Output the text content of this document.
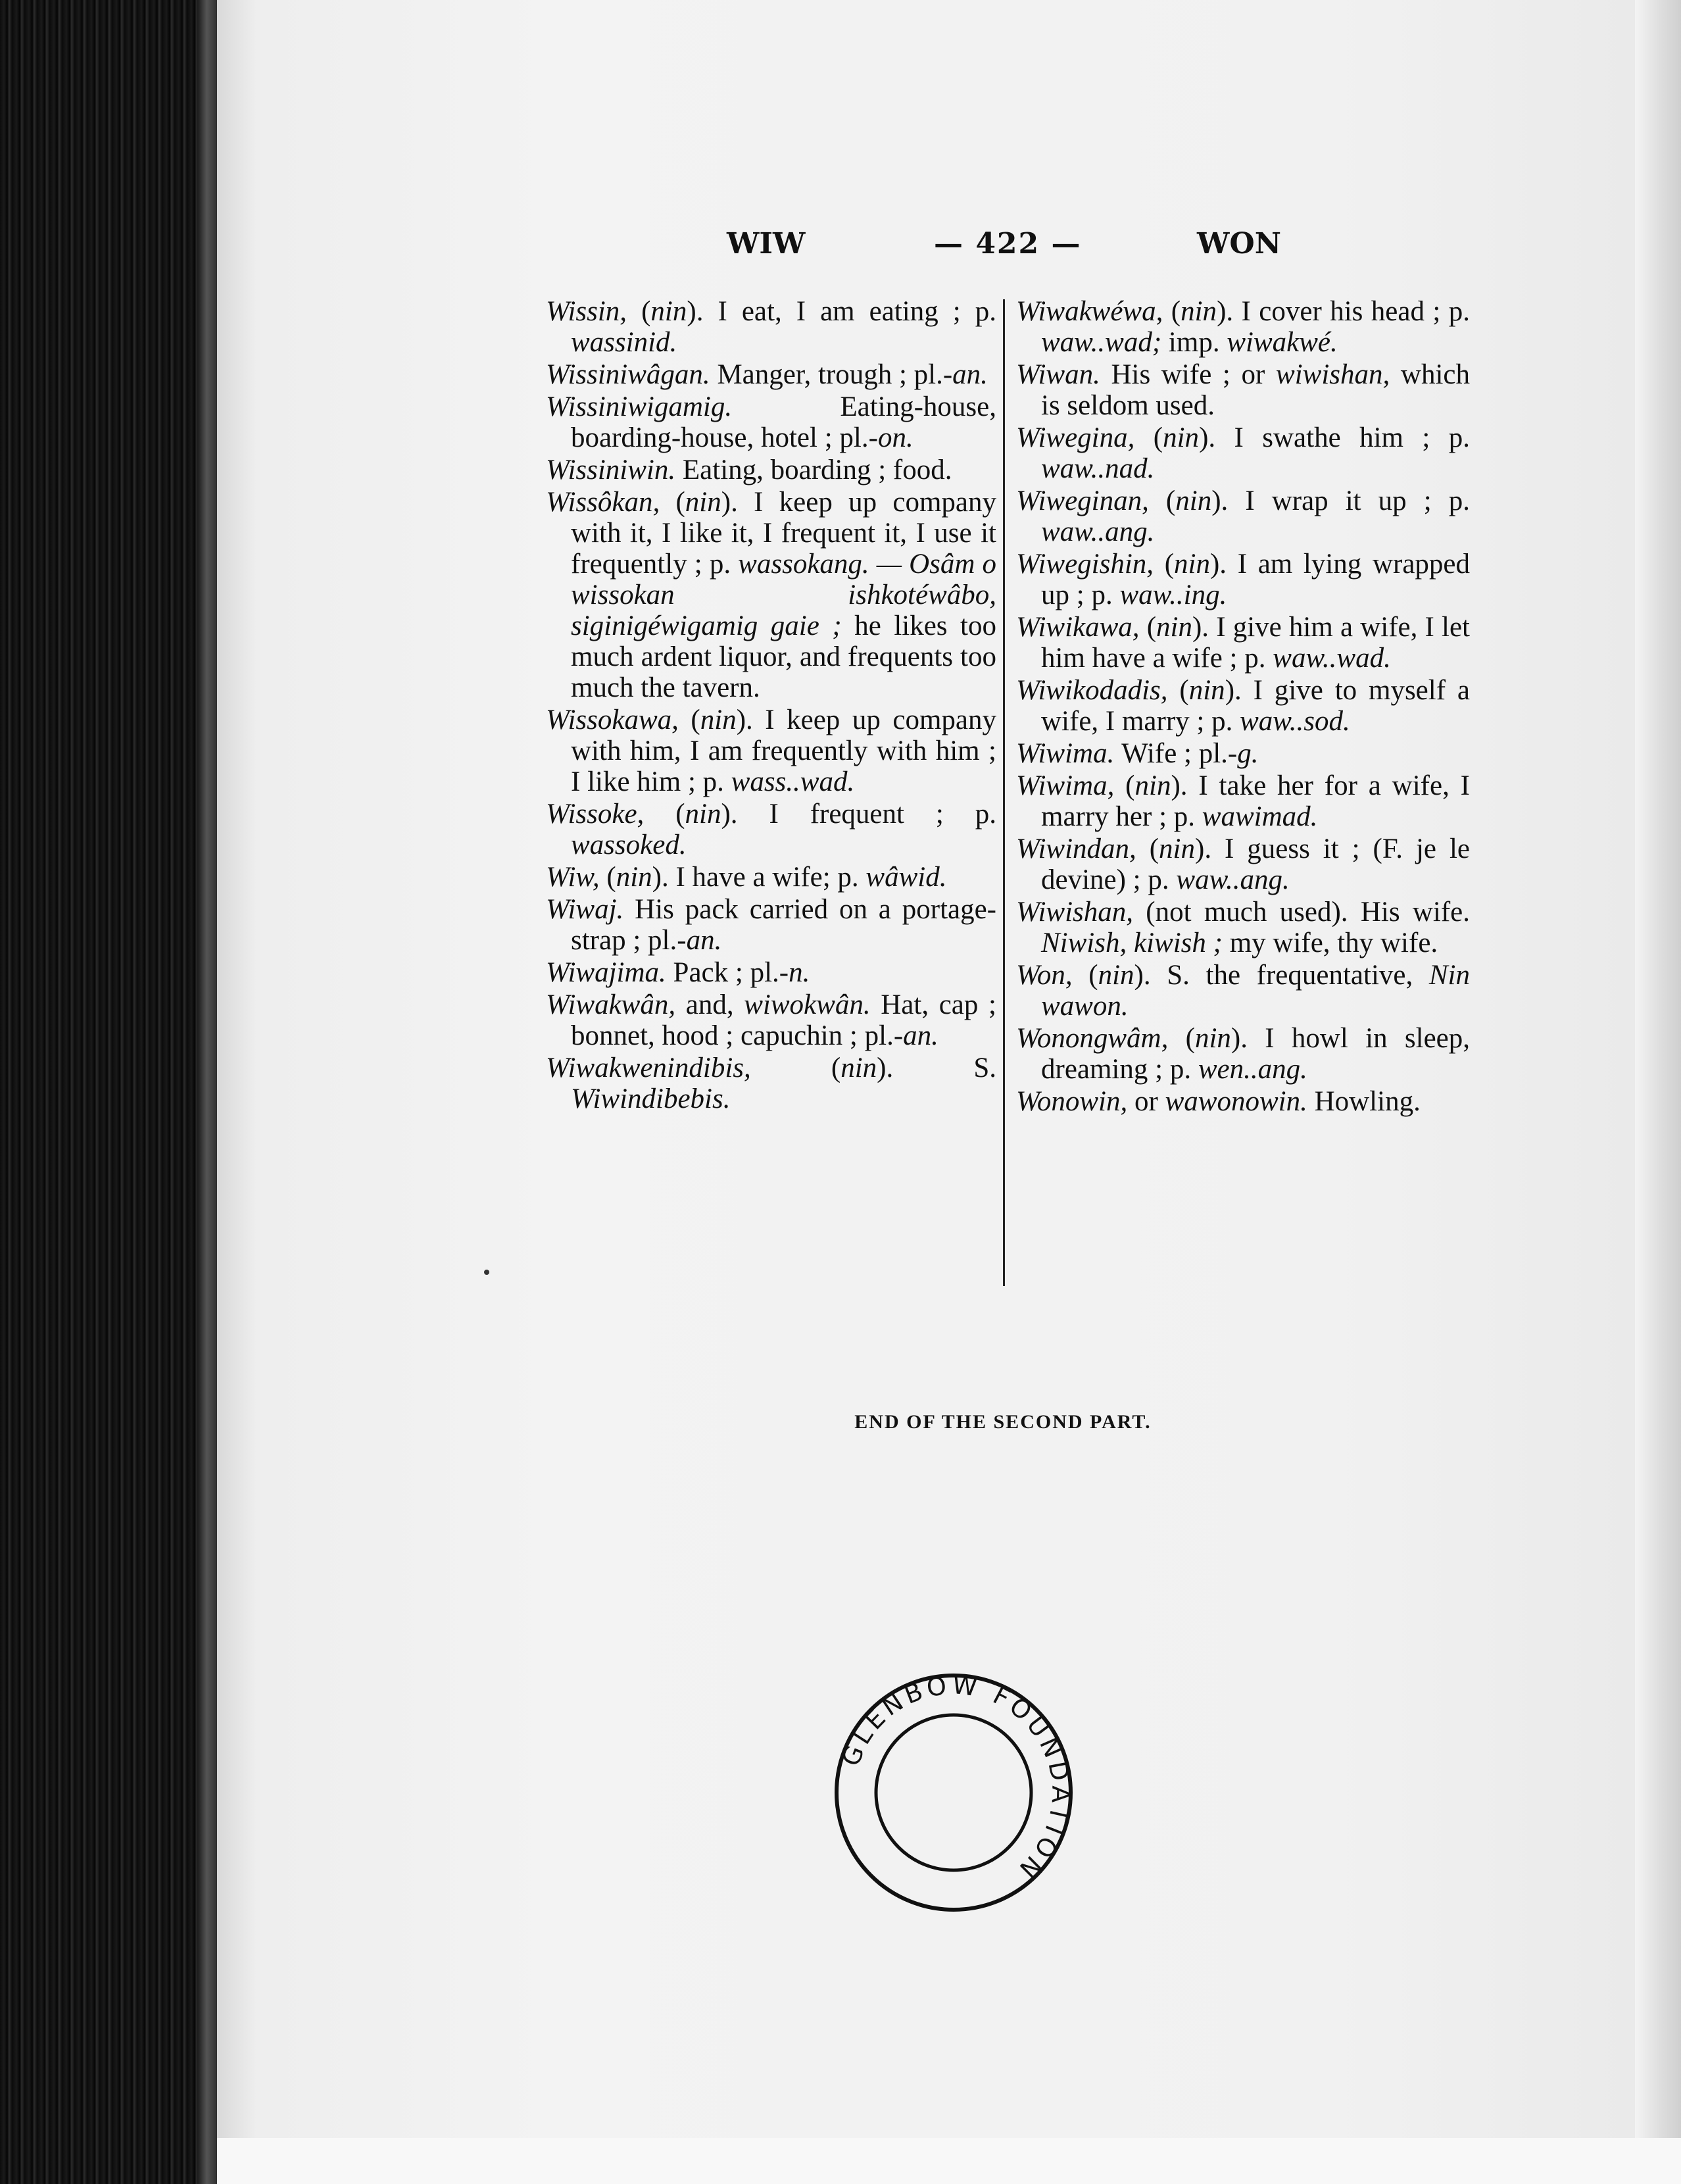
WIW	— 422 —	WON

Wissin, (nin). I eat, I am eating ; p. wassinid.

Wissiniwâgan. Manger, trough ; pl.-an.

Wissiniwigamig. Eating-house, boarding-house, hotel ; pl.-on.

Wissiniwin. Eating, boarding ; food.

Wissôkan, (nin). I keep up company with it, I like it, I frequent it, I use it frequently ; p. wassokang. — Osâm o wissokan ishkotéwâbo, siginigéwigamig gaie ; he likes too much ardent liquor, and frequents too much the tavern.

Wissokawa, (nin). I keep up company with him, I am frequently with him ; I like him ; p. wass..wad.

Wissoke, (nin). I frequent ; p. wassoked.

Wiw, (nin). I have a wife; p. wâwid.

Wiwaj. His pack carried on a portage-strap ; pl.-an.

Wiwajima. Pack ; pl.-n.

Wiwakwân, and, wiwokwân. Hat, cap ; bonnet, hood ; capuchin ; pl.-an.

Wiwakwenindibis, (nin). S. Wiwindibebis.

Wiwakwéwa, (nin). I cover his head ; p. waw..wad; imp. wiwakwé.

Wiwan. His wife ; or wiwishan, which is seldom used.

Wiwegina, (nin). I swathe him ; p. waw..nad.

Wiweginan, (nin). I wrap it up ; p. waw..ang.

Wiwegishin, (nin). I am lying wrapped up ; p. waw..ing.

Wiwikawa, (nin). I give him a wife, I let him have a wife ; p. waw..wad.

Wiwikodadis, (nin). I give to myself a wife, I marry ; p. waw..sod.

Wiwima. Wife ; pl.-g.

Wiwima, (nin). I take her for a wife, I marry her ; p. wawimad.

Wiwindan, (nin). I guess it ; (F. je le devine) ; p. waw..ang.

Wiwishan, (not much used). His wife. Niwish, kiwish ; my wife, thy wife.

Won, (nin). S. the frequentative, Nin wawon.

Wonongwâm, (nin). I howl in sleep, dreaming ; p. wen..ang.

Wonowin, or wawonowin. Howling.

END OF THE SECOND PART.
GLENBOW FOUNDATION
